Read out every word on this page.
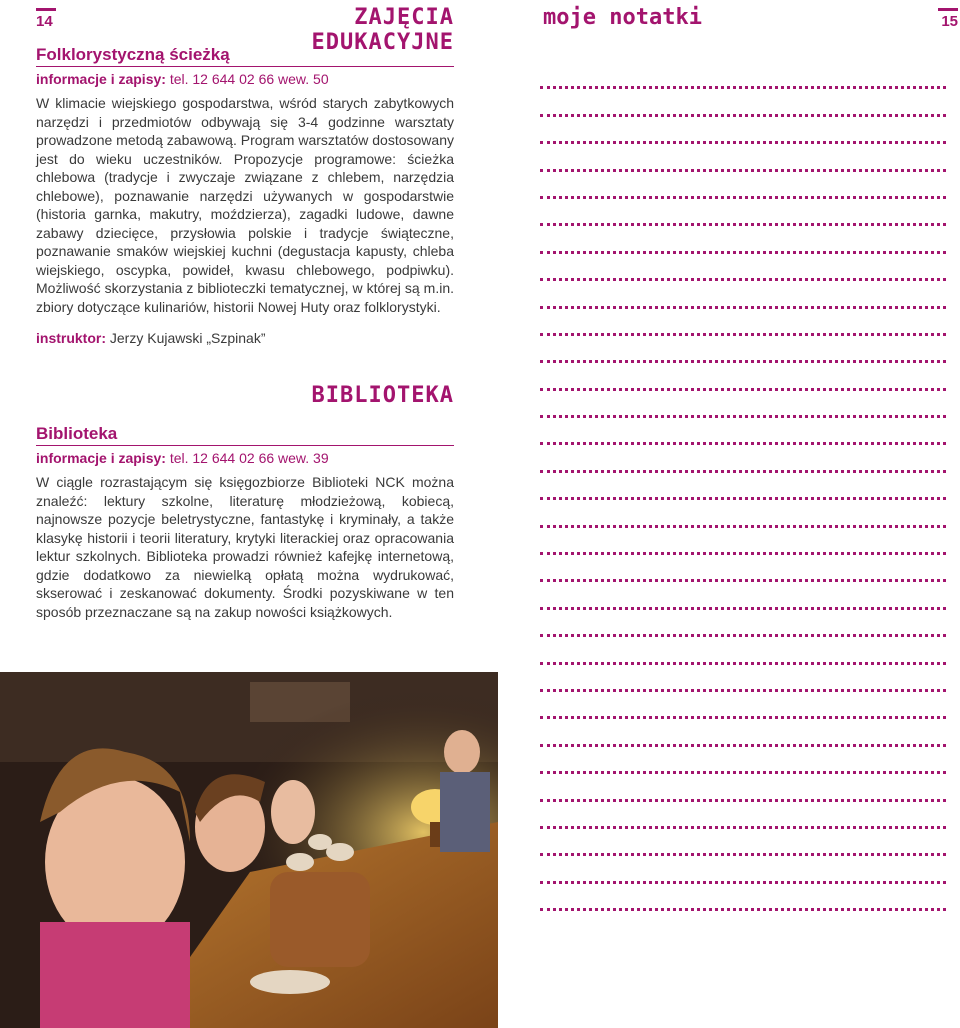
14	ZAJĘCIA EDUKACYJNE
moje notatki	15
Folklorystyczną ścieżką
informacje i zapisy: tel. 12 644 02 66 wew. 50
W klimacie wiejskiego gospodarstwa, wśród starych zabytkowych narzędzi i przedmiotów odbywają się 3-4 godzinne warsztaty prowadzone metodą zabawową. Program warsztatów dostosowany jest do wieku uczestników. Propozycje programowe: ścieżka chlebowa (tradycje i zwyczaje związane z chlebem, narzędzia chlebowe), poznawanie narzędzi używanych w gospodarstwie (historia garnka, makutry, moździerza), zagadki ludowe, dawne zabawy dziecięce, przysłowia polskie i tradycje świąteczne, poznawanie smaków wiejskiej kuchni (degustacja kapusty, chleba wiejskiego, oscypka, powideł, kwasu chlebowego, podpiwku). Możliwość skorzystania z biblioteczki tematycznej, w której są m.in. zbiory dotyczące kulinariów, historii Nowej Huty oraz folklorystyki.
instruktor: Jerzy Kujawski „Szpinak”
BIBLIOTEKA
Biblioteka
informacje i zapisy: tel. 12 644 02 66 wew. 39
W ciągle rozrastającym się księgozbiorze Biblioteki NCK można znaleźć: lektury szkolne, literaturę młodzieżową, kobiecą, najnowsze pozycje beletrystyczne, fantastykę i kryminały, a także klasykę historii i teorii literatury, krytyki literackiej oraz opracowania lektur szkolnych. Biblioteka prowadzi również kafejkę internetową, gdzie dodatkowo za niewielką opłatą można wydrukować, skserować i zeskanować dokumenty. Środki pozyskiwane w ten sposób przeznaczane są na zakup nowości książkowych.
